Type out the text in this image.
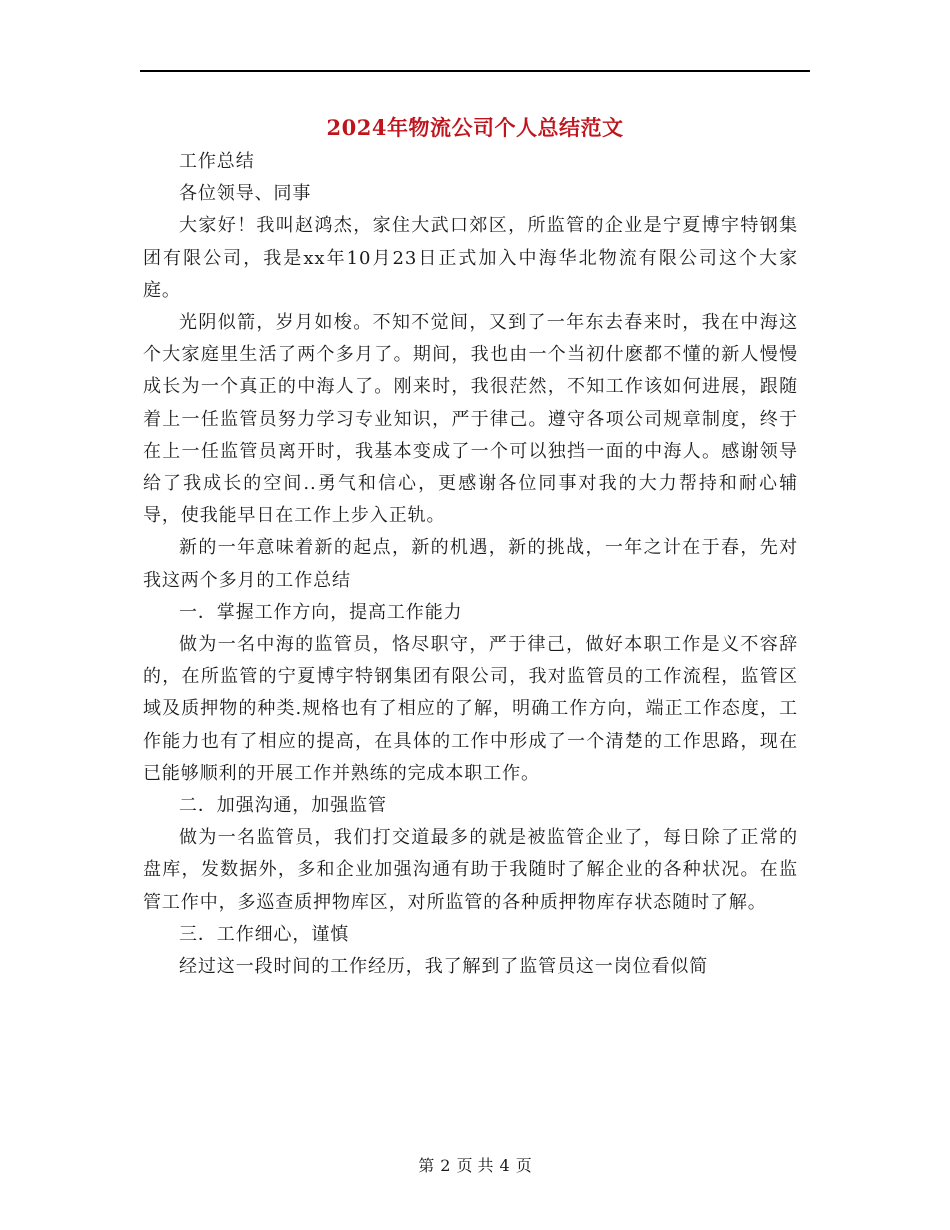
2024年物流公司个人总结范文

工作总结

各位领导、同事

大家好！我叫赵鸿杰，家住大武口郊区，所监管的企业是宁夏博宇特钢集团有限公司，我是xx年10月23日正式加入中海华北物流有限公司这个大家庭。

光阴似箭，岁月如梭。不知不觉间，又到了一年东去春来时，我在中海这个大家庭里生活了两个多月了。期间，我也由一个当初什麽都不懂的新人慢慢成长为一个真正的中海人了。刚来时，我很茫然，不知工作该如何进展，跟随着上一任监管员努力学习专业知识，严于律己。遵守各项公司规章制度，终于在上一任监管员离开时，我基本变成了一个可以独挡一面的中海人。感谢领导给了我成长的空间..勇气和信心，更感谢各位同事对我的大力帮持和耐心辅导，使我能早日在工作上步入正轨。

新的一年意味着新的起点，新的机遇，新的挑战，一年之计在于春，先对我这两个多月的工作总结

一．掌握工作方向，提高工作能力

做为一名中海的监管员，恪尽职守，严于律己，做好本职工作是义不容辞的，在所监管的宁夏博宇特钢集团有限公司，我对监管员的工作流程，监管区域及质押物的种类.规格也有了相应的了解，明确工作方向，端正工作态度，工作能力也有了相应的提高，在具体的工作中形成了一个清楚的工作思路，现在已能够顺利的开展工作并熟练的完成本职工作。

二．加强沟通，加强监管

做为一名监管员，我们打交道最多的就是被监管企业了，每日除了正常的盘库，发数据外，多和企业加强沟通有助于我随时了解企业的各种状况。在监管工作中，多巡查质押物库区，对所监管的各种质押物库存状态随时了解。

三．工作细心，谨慎

经过这一段时间的工作经历，我了解到了监管员这一岗位看似简

第 2 页 共 4 页
